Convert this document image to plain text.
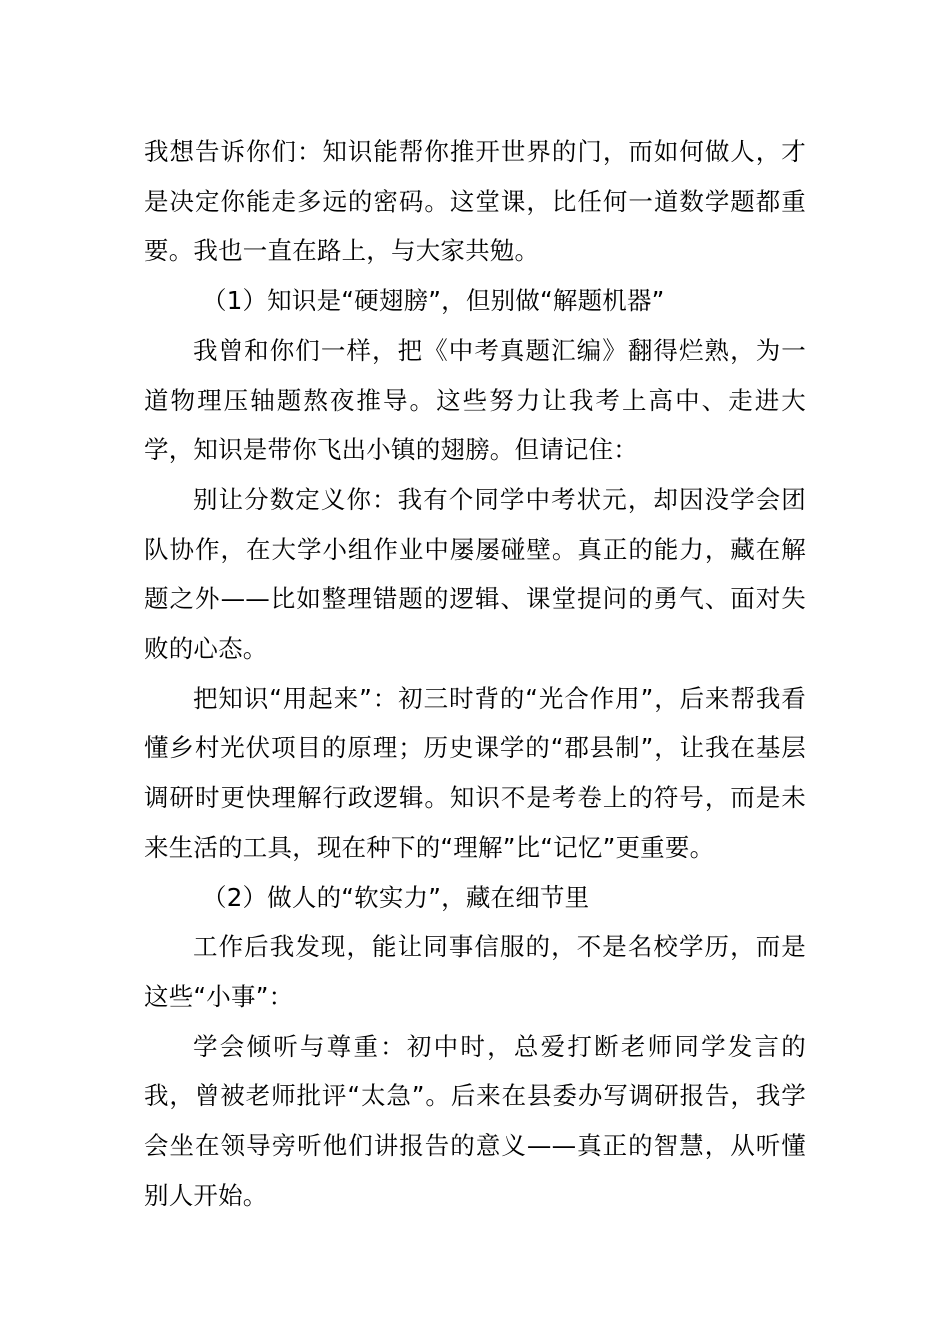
我想告诉你们：知识能帮你推开世界的门，而如何做人，才是决定你能走多远的密码。这堂课，比任何一道数学题都重要。我也一直在路上，与大家共勉。

（1）知识是“硬翅膀”，但别做“解题机器”

我曾和你们一样，把《中考真题汇编》翻得烂熟，为一道物理压轴题熬夜推导。这些努力让我考上高中、走进大学，知识是带你飞出小镇的翅膀。但请记住：

别让分数定义你：我有个同学中考状元，却因没学会团队协作，在大学小组作业中屡屡碰壁。真正的能力，藏在解题之外——比如整理错题的逻辑、课堂提问的勇气、面对失败的心态。

把知识“用起来”：初三时背的“光合作用”，后来帮我看懂乡村光伏项目的原理；历史课学的“郡县制”，让我在基层调研时更快理解行政逻辑。知识不是考卷上的符号，而是未来生活的工具，现在种下的“理解”比“记忆”更重要。

（2）做人的“软实力”，藏在细节里

工作后我发现，能让同事信服的，不是名校学历，而是这些“小事”：

学会倾听与尊重：初中时，总爱打断老师同学发言的我，曾被老师批评“太急”。后来在县委办写调研报告，我学会坐在领导旁听他们讲报告的意义——真正的智慧，从听懂别人开始。
